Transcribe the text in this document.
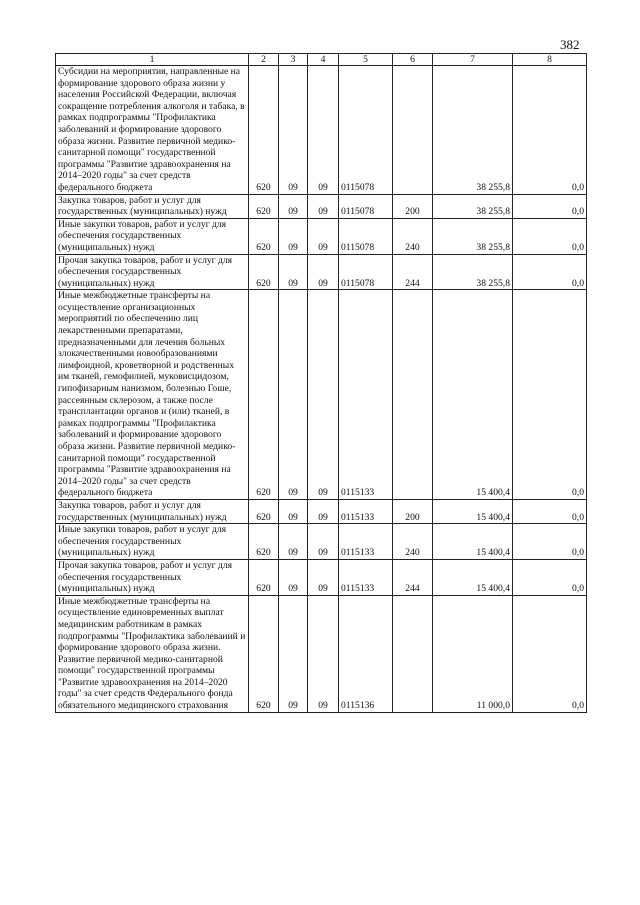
382
1	2	3	4	5	6	7	8
Субсидии на мероприятия, направленные на формирование здорового образа жизни у населения Российской Федерации, включая сокращение потребления алкоголя и табака, в рамках подпрограммы "Профилактика заболеваний и формирование здорового образа жизни. Развитие первичной медико-санитарной помощи" государственной программы "Развитие здравоохранения на 2014–2020 годы" за счет средств федерального бюджета	620	09	09	0115078		38 255,8	0,0
Закупка товаров, работ и услуг для государственных (муниципальных) нужд	620	09	09	0115078	200	38 255,8	0,0
Иные закупки товаров, работ и услуг для обеспечения государственных (муниципальных) нужд	620	09	09	0115078	240	38 255,8	0,0
Прочая закупка товаров, работ и услуг для обеспечения государственных (муниципальных) нужд	620	09	09	0115078	244	38 255,8	0,0
Иные межбюджетные трансферты на осуществление организационных мероприятий по обеспечению лиц лекарственными препаратами, предназначенными для лечения больных злокачественными новообразованиями лимфоидной, кроветворной и родственных им тканей, гемофилией, муковисцидозом, гипофизарным нанизмом, болезнью Гоше, рассеянным склерозом, а также после трансплантации органов и (или) тканей, в рамках подпрограммы "Профилактика заболеваний и формирование здорового образа жизни. Развитие первичной медико- санитарной помощи" государственной программы "Развитие здравоохранения на 2014–2020 годы" за счет средств федерального бюджета	620	09	09	0115133		15 400,4	0,0
Закупка товаров, работ и услуг для государственных (муниципальных) нужд	620	09	09	0115133	200	15 400,4	0,0
Иные закупки товаров, работ и услуг для обеспечения государственных (муниципальных) нужд	620	09	09	0115133	240	15 400,4	0,0
Прочая закупка товаров, работ и услуг для обеспечения государственных (муниципальных) нужд	620	09	09	0115133	244	15 400,4	0,0
Иные межбюджетные трансферты на осуществление единовременных выплат медицинским работникам в рамках подпрограммы "Профилактика заболеваний и формирование здорового образа жизни. Развитие первичной медико-санитарной помощи" государственной программы "Развитие здравоохранения на 2014–2020 годы" за счет средств Федерального фонда обязательного медицинского страхования	620	09	09	0115136		11 000,0	0,0
